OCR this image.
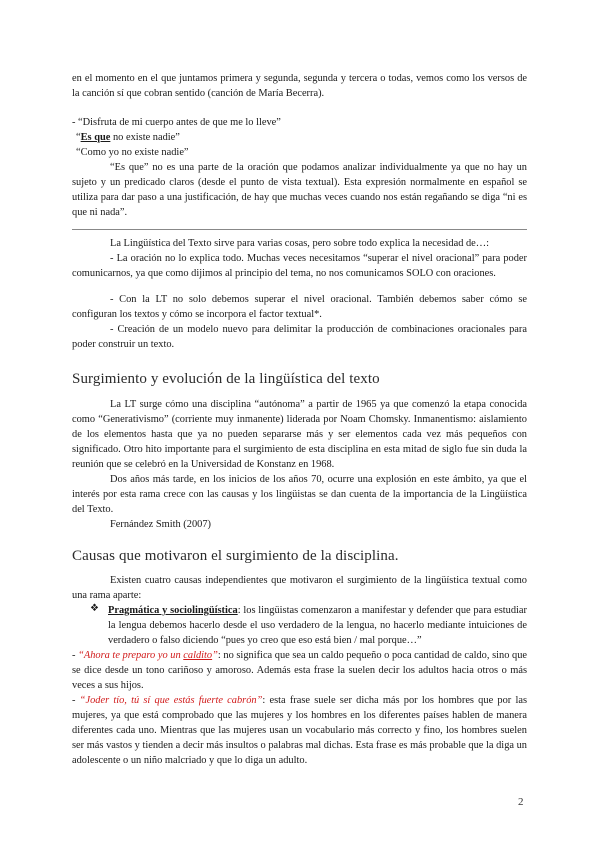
en el momento en el que juntamos primera y segunda, segunda y tercera o todas, vemos como los versos de la canción sí que cobran sentido (canción de María Becerra).

- “Disfruta de mi cuerpo antes de que me lo lleve”

“Es que no existe nadie”

“Como yo no existe nadie”

“Es que” no es una parte de la oración que podamos analizar individualmente ya que no hay un sujeto y un predicado claros (desde el punto de vista textual). Esta expresión normalmente en español se utiliza para dar paso a una justificación, de hay que muchas veces cuando nos están regañando se diga “ni es que ni nada”.

La Lingüística del Texto sirve para varias cosas, pero sobre todo explica la necesidad de…:

- La oración no lo explica todo. Muchas veces necesitamos “superar el nivel oracional” para poder comunicarnos, ya que como dijimos al principio del tema, no nos comunicamos SOLO con oraciones.

- Con la LT no solo debemos superar el nivel oracional. También debemos saber cómo se configuran los textos y cómo se incorpora el factor textual*.

- Creación de un modelo nuevo para delimitar la producción de combinaciones oracionales para poder construir un texto.

Surgimiento y evolución de la lingüística del texto

La LT surge cómo una disciplina “autónoma” a partir de 1965 ya que comenzó la etapa conocida como “Generativismo” (corriente muy inmanente) liderada por Noam Chomsky. Inmanentismo: aislamiento de los elementos hasta que ya no pueden separarse más y ser elementos cada vez más pequeños con significado. Otro hito importante para el surgimiento de esta disciplina en esta mitad de siglo fue sin duda la reunión que se celebró en la Universidad de Konstanz en 1968.

Dos años más tarde, en los inicios de los años 70, ocurre una explosión en este ámbito, ya que el interés por esta rama crece con las causas y los lingüistas se dan cuenta de la importancia de la Lingüística del Texto.

Fernández Smith (2007)

Causas que motivaron el surgimiento de la disciplina.

Existen cuatro causas independientes que motivaron el surgimiento de la lingüística textual como una rama aparte:

❖ Pragmática y sociolingüística: los lingüistas comenzaron a manifestar y defender que para estudiar la lengua debemos hacerlo desde el uso verdadero de la lengua, no hacerlo mediante intuiciones de verdadero o falso diciendo “pues yo creo que eso está bien / mal porque…”

- “Ahora te preparo yo un caldito”: no significa que sea un caldo pequeño o poca cantidad de caldo, sino que se dice desde un tono cariñoso y amoroso. Además esta frase la suelen decir los adultos hacia otros o más veces a sus hijos.

- “Joder tío, tú sí que estás fuerte cabrón”: esta frase suele ser dicha más por los hombres que por las mujeres, ya que está comprobado que las mujeres y los hombres en los diferentes países hablen de manera diferentes cada uno. Mientras que las mujeres usan un vocabulario más correcto y fino, los hombres suelen ser más vastos y tienden a decir más insultos o palabras mal dichas. Esta frase es más probable que la diga un adolescente o un niño malcriado y que lo diga un adulto.

2
